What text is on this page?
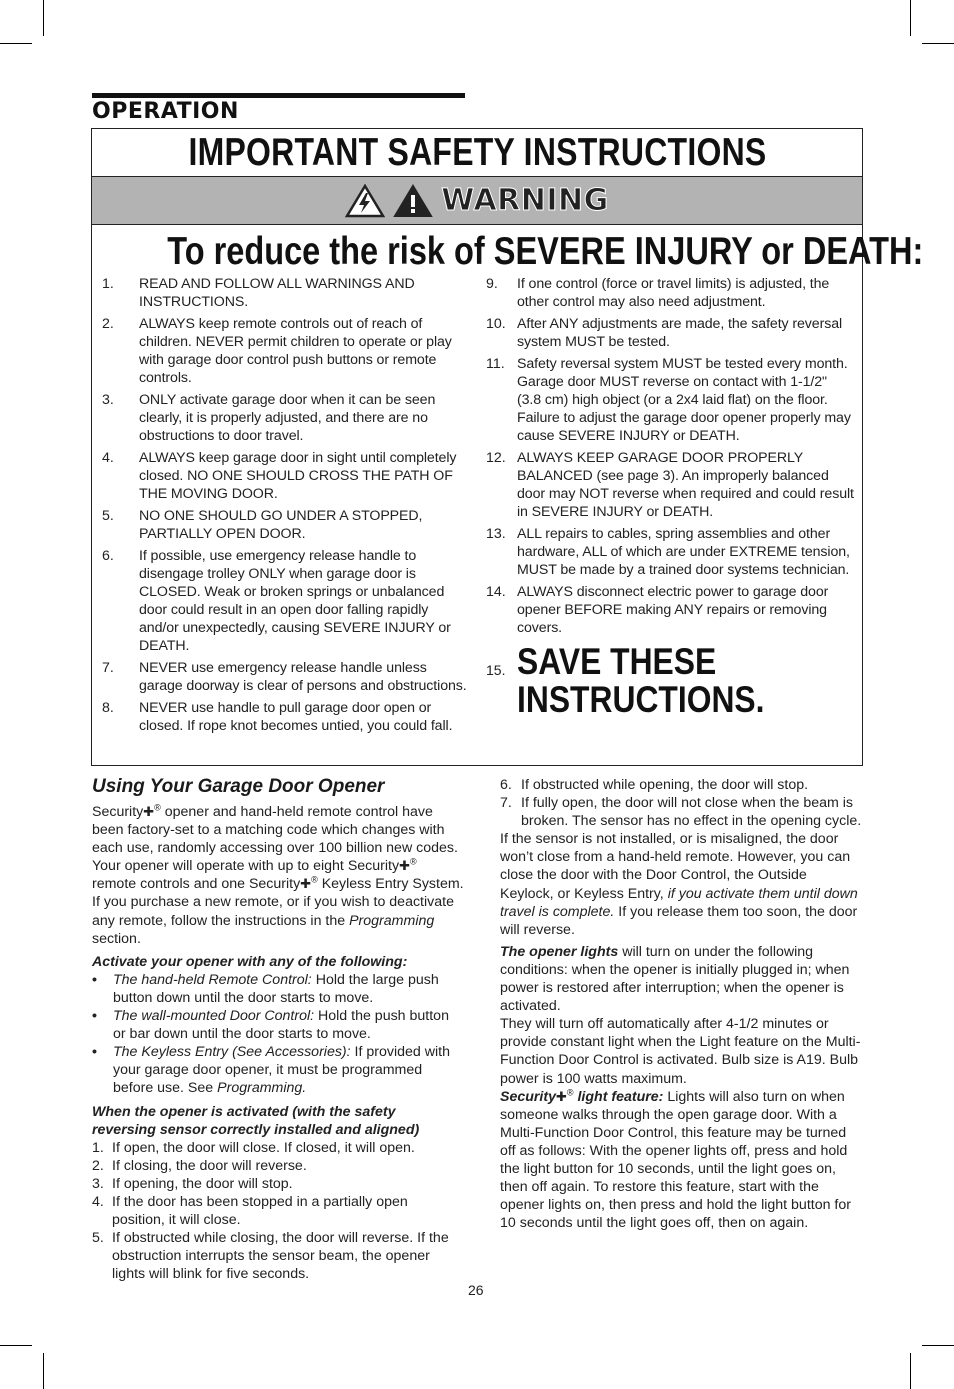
OPERATION
IMPORTANT SAFETY INSTRUCTIONS
WARNING
To reduce the risk of SEVERE INJURY or DEATH:
1.	READ AND FOLLOW ALL WARNINGS AND INSTRUCTIONS.
2.	ALWAYS keep remote controls out of reach of children. NEVER permit children to operate or play with garage door control push buttons or remote controls.
3.	ONLY activate garage door when it can be seen clearly, it is properly adjusted, and there are no obstructions to door travel.
4.	ALWAYS keep garage door in sight until completely closed. NO ONE SHOULD CROSS THE PATH OF THE MOVING DOOR.
5.	NO ONE SHOULD GO UNDER A STOPPED, PARTIALLY OPEN DOOR.
6.	If possible, use emergency release handle to disengage trolley ONLY when garage door is CLOSED. Weak or broken springs or unbalanced door could result in an open door falling rapidly and/or unexpectedly, causing SEVERE INJURY or DEATH.
7.	NEVER use emergency release handle unless garage doorway is clear of persons and obstructions.
8.	NEVER use handle to pull garage door open or closed. If rope knot becomes untied, you could fall.
9.	If one control (force or travel limits) is adjusted, the other control may also need adjustment.
10. After ANY adjustments are made, the safety reversal system MUST be tested.
11. Safety reversal system MUST be tested every month. Garage door MUST reverse on contact with 1-1/2" (3.8 cm) high object (or a 2x4 laid flat) on the floor. Failure to adjust the garage door opener properly may cause SEVERE INJURY or DEATH.
12. ALWAYS KEEP GARAGE DOOR PROPERLY BALANCED (see page 3). An improperly balanced door may NOT reverse when required and could result in SEVERE INJURY or DEATH.
13. ALL repairs to cables, spring assemblies and other hardware, ALL of which are under EXTREME tension, MUST be made by a trained door systems technician.
14. ALWAYS disconnect electric power to garage door opener BEFORE making ANY repairs or removing covers.
15. SAVE THESE
INSTRUCTIONS.
Using Your Garage Door Opener

Security✚® opener and hand-held remote control have been factory-set to a matching code which changes with each use, randomly accessing over 100 billion new codes. Your opener will operate with up to eight Security✚® remote controls and one Security✚® Keyless Entry System. If you purchase a new remote, or if you wish to deactivate any remote, follow the instructions in the Programming section.

Activate your opener with any of the following:
•	The hand-held Remote Control: Hold the large push button down until the door starts to move.
•	The wall-mounted Door Control: Hold the push button or bar down until the door starts to move.
•	The Keyless Entry (See Accessories): If provided with your garage door opener, it must be programmed before use. See Programming.
When the opener is activated (with the safety
reversing sensor correctly installed and aligned)
1. If open, the door will close. If closed, it will open.
2. If closing, the door will reverse.
3. If opening, the door will stop.
4. If the door has been stopped in a partially open position, it will close.
5. If obstructed while closing, the door will reverse. If the obstruction interrupts the sensor beam, the opener lights will blink for five seconds.
6. If obstructed while opening, the door will stop.
7. If fully open, the door will not close when the beam is broken. The sensor has no effect in the opening cycle.

If the sensor is not installed, or is misaligned, the door won’t close from a hand-held remote. However, you can close the door with the Door Control, the Outside Keylock, or Keyless Entry, if you activate them until down travel is complete. If you release them too soon, the door will reverse.

The opener lights will turn on under the following conditions: when the opener is initially plugged in; when power is restored after interruption; when the opener is activated.

They will turn off automatically after 4-1/2 minutes or provide constant light when the Light feature on the Multi-Function Door Control is activated. Bulb size is A19. Bulb power is 100 watts maximum.

Security✚® light feature: Lights will also turn on when someone walks through the open garage door. With a Multi-Function Door Control, this feature may be turned off as follows: With the opener lights off, press and hold the light button for 10 seconds, until the light goes on, then off again. To restore this feature, start with the opener lights on, then press and hold the light button for 10 seconds until the light goes off, then on again.

26
